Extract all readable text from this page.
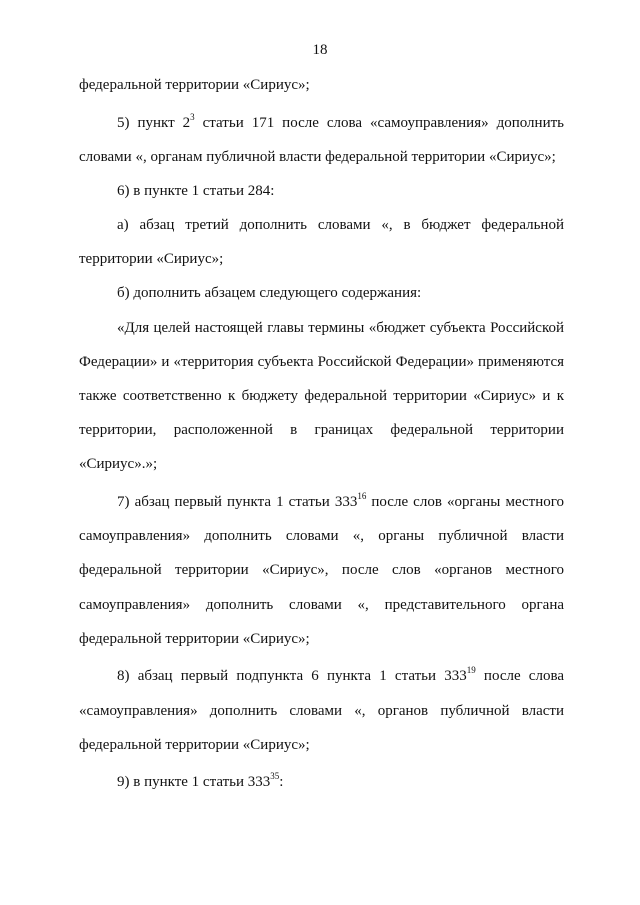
18
федеральной территории «Сириус»;
5) пункт $2^3$ статьи 171 после слова «самоуправления» дополнить
словами «, органам публичной власти федеральной территории «Сириус»;
6) в пункте 1 статьи 284:
а) абзац третий дополнить словами «, в бюджет федеральной
территории «Сириус»;
б) дополнить абзацем следующего содержания:
«Для целей настоящей главы термины «бюджет субъекта Российской
Федерации» и «территория субъекта Российской Федерации» применяются
также соответственно к бюджету федеральной территории «Сириус» и к
территории, расположенной в границах федеральной территории
«Сириус».»;
7) абзац первый пункта 1 статьи $333^{16}$ после слов «органы местного
самоуправления» дополнить словами «, органы публичной власти
федеральной территории «Сириус», после слов «органов местного
самоуправления» дополнить словами «, представительного органа
федеральной территории «Сириус»;
8) абзац первый подпункта 6 пункта 1 статьи $333^{19}$ после слова
«самоуправления» дополнить словами «, органов публичной власти
федеральной территории «Сириус»;
9) в пункте 1 статьи $333^{35}$:
